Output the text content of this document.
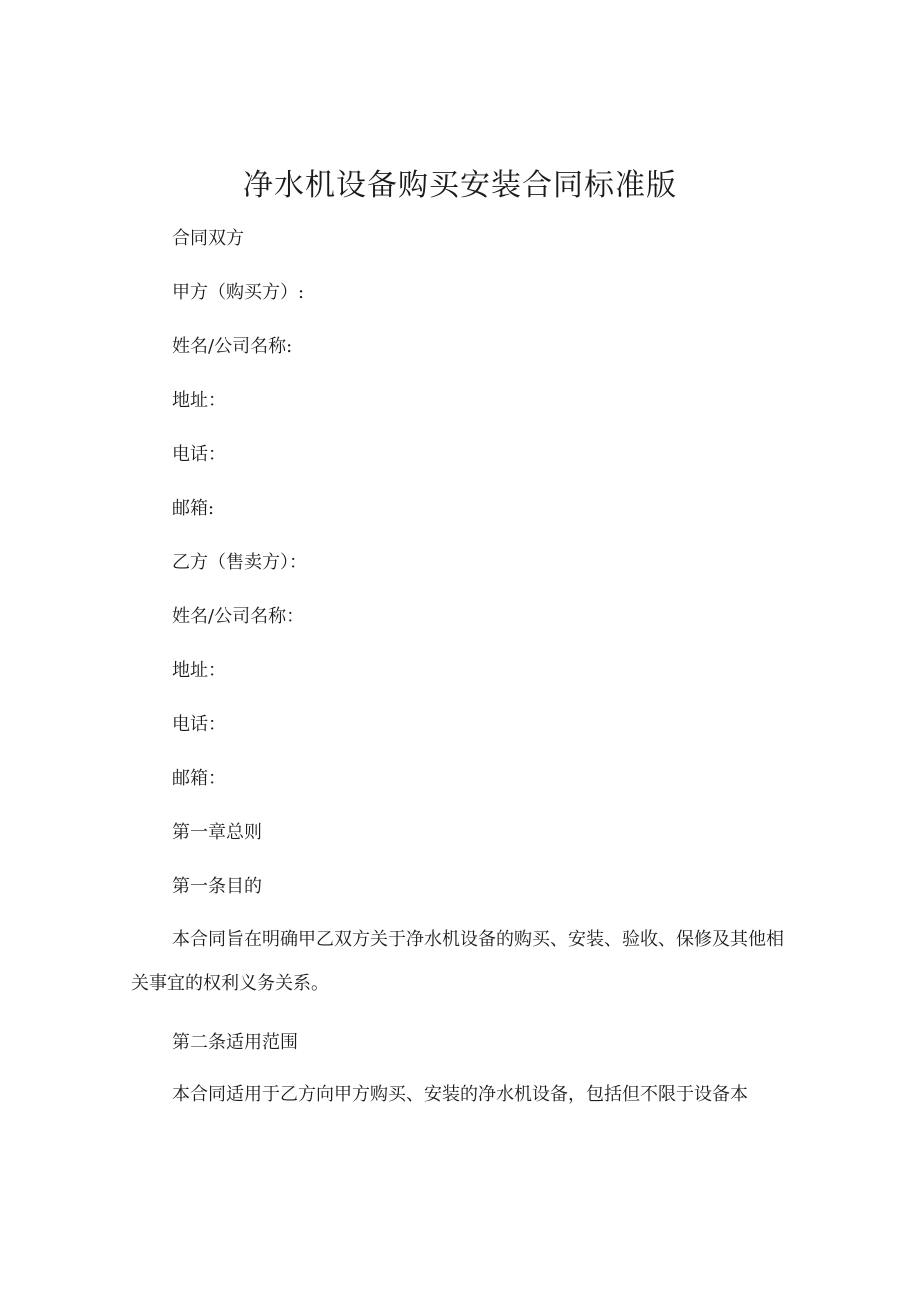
净水机设备购买安装合同标准版

合同双方

甲方（购买方）:

姓名/公司名称:

地址：

电话：

邮箱:

乙方（售卖方）：

姓名/公司名称：

地址：

电话：

邮箱：

第一章总则

第一条目的

本合同旨在明确甲乙双方关于净水机设备的购买、安装、验收、保修及其他相关事宜的权利义务关系。

第二条适用范围

本合同适用于乙方向甲方购买、安装的净水机设备，包括但不限于设备本
